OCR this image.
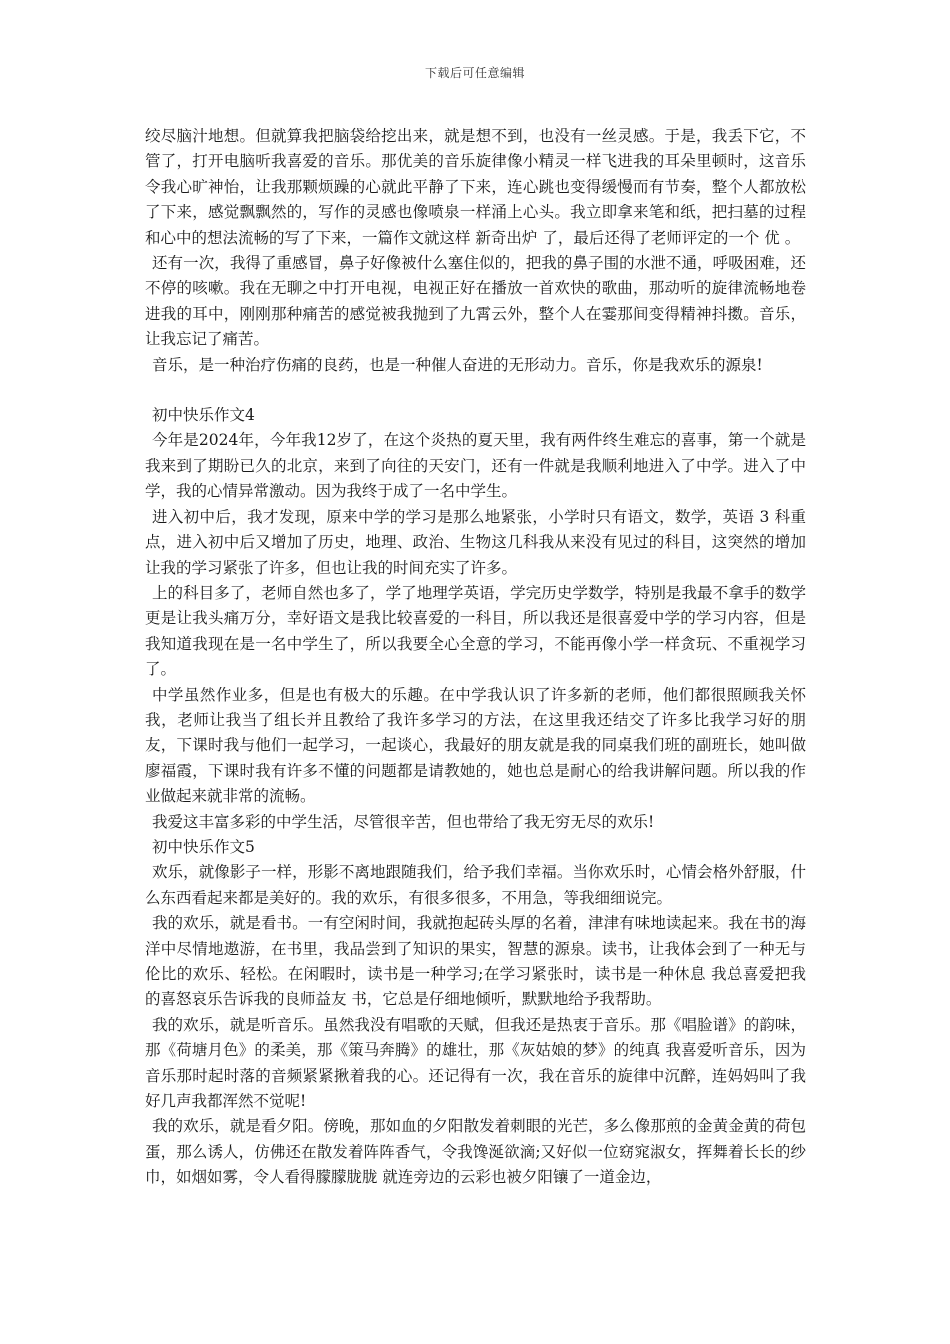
下载后可任意编辑

绞尽脑汁地想。但就算我把脑袋给挖出来，就是想不到，也没有一丝灵感。于是，我丢下它，不管了，打开电脑听我喜爱的音乐。那优美的音乐旋律像小精灵一样飞进我的耳朵里顿时，这音乐令我心旷神怡，让我那颗烦躁的心就此平静了下来，连心跳也变得缓慢而有节奏，整个人都放松了下来，感觉飘飘然的，写作的灵感也像喷泉一样涌上心头。我立即拿来笔和纸，把扫墓的过程和心中的想法流畅的写了下来，一篇作文就这样 新奇出炉 了，最后还得了老师评定的一个 优 。

还有一次，我得了重感冒，鼻子好像被什么塞住似的，把我的鼻子围的水泄不通，呼吸困难，还不停的咳嗽。我在无聊之中打开电视，电视正好在播放一首欢快的歌曲，那动听的旋律流畅地卷进我的耳中，刚刚那种痛苦的感觉被我抛到了九霄云外，整个人在霎那间变得精神抖擞。音乐，让我忘记了痛苦。

音乐，是一种治疗伤痛的良药，也是一种催人奋进的无形动力。音乐，你是我欢乐的源泉!

初中快乐作文4

今年是2024年，今年我12岁了，在这个炎热的夏天里，我有两件终生难忘的喜事，第一个就是我来到了期盼已久的北京，来到了向往的天安门，还有一件就是我顺利地进入了中学。进入了中学，我的心情异常激动。因为我终于成了一名中学生。

进入初中后，我才发现，原来中学的学习是那么地紧张，小学时只有语文，数学，英语 3 科重点，进入初中后又增加了历史，地理、政治、生物这几科我从来没有见过的科目，这突然的增加让我的学习紧张了许多，但也让我的时间充实了许多。

上的科目多了，老师自然也多了，学了地理学英语，学完历史学数学，特别是我最不拿手的数学更是让我头痛万分，幸好语文是我比较喜爱的一科目，所以我还是很喜爱中学的学习内容，但是我知道我现在是一名中学生了，所以我要全心全意的学习，不能再像小学一样贪玩、不重视学习了。

中学虽然作业多，但是也有极大的乐趣。在中学我认识了许多新的老师，他们都很照顾我关怀我，老师让我当了组长并且教给了我许多学习的方法，在这里我还结交了许多比我学习好的朋友，下课时我与他们一起学习，一起谈心，我最好的朋友就是我的同桌我们班的副班长，她叫做廖福霞，下课时我有许多不懂的问题都是请教她的，她也总是耐心的给我讲解问题。所以我的作业做起来就非常的流畅。

我爱这丰富多彩的中学生活，尽管很辛苦，但也带给了我无穷无尽的欢乐!

初中快乐作文5

欢乐，就像影子一样，形影不离地跟随我们，给予我们幸福。当你欢乐时，心情会格外舒服，什么东西看起来都是美好的。我的欢乐，有很多很多，不用急，等我细细说完。

我的欢乐，就是看书。一有空闲时间，我就抱起砖头厚的名着，津津有味地读起来。我在书的海洋中尽情地遨游，在书里，我品尝到了知识的果实，智慧的源泉。读书，让我体会到了一种无与伦比的欢乐、轻松。在闲暇时，读书是一种学习;在学习紧张时，读书是一种休息 我总喜爱把我的喜怒哀乐告诉我的良师益友 书，它总是仔细地倾听，默默地给予我帮助。

我的欢乐，就是听音乐。虽然我没有唱歌的天赋，但我还是热衷于音乐。那《唱脸谱》的韵味，那《荷塘月色》的柔美，那《策马奔腾》的雄壮，那《灰姑娘的梦》的纯真 我喜爱听音乐，因为音乐那时起时落的音频紧紧揪着我的心。还记得有一次，我在音乐的旋律中沉醉，连妈妈叫了我好几声我都浑然不觉呢!

我的欢乐，就是看夕阳。傍晚，那如血的夕阳散发着刺眼的光芒，多么像那煎的金黄金黄的荷包蛋，那么诱人，仿佛还在散发着阵阵香气，令我馋涎欲滴;又好似一位窈窕淑女，挥舞着长长的纱巾，如烟如雾，令人看得朦朦胧胧 就连旁边的云彩也被夕阳镶了一道金边，
